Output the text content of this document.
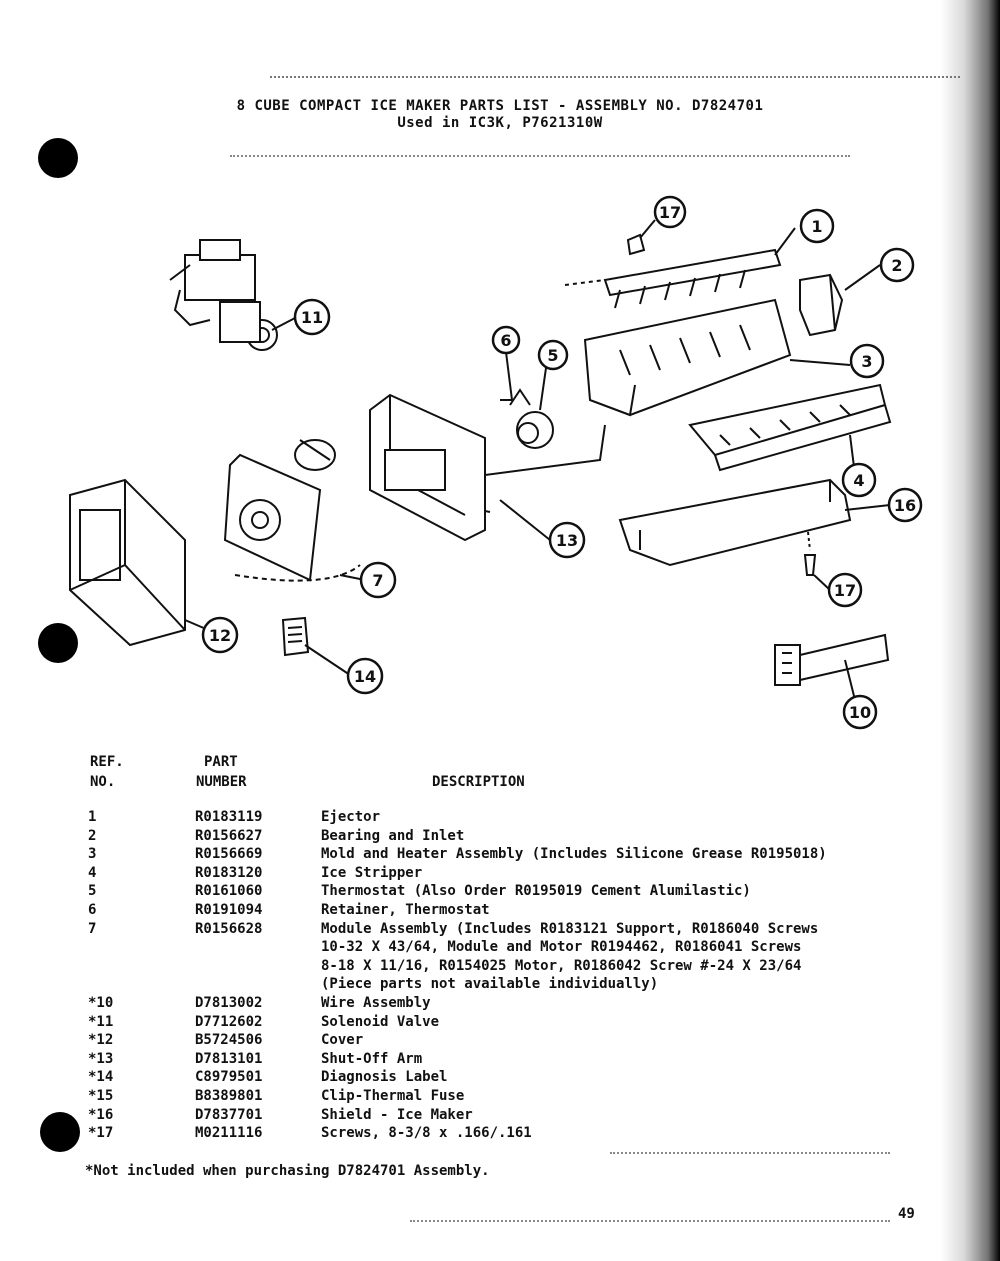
8 CUBE COMPACT ICE MAKER PARTS LIST - ASSEMBLY NO. D7824701
Used in IC3K, P7621310W
17
1
2
3
4
16
17
10
6
5
11
13
7
12
14
REF.
NO.
PART
NUMBER	DESCRIPTION
1	R0183119	Ejector
2	R0156627	Bearing and Inlet
3	R0156669	Mold and Heater Assembly (Includes Silicone Grease R0195018)
4	R0183120	Ice Stripper
5	R0161060	Thermostat (Also Order R0195019 Cement Alumilastic)
6	R0191094	Retainer, Thermostat
7	R0156628	Module Assembly (Includes R0183121 Support, R0186040 Screws
10-32 X 43/64, Module and Motor R0194462, R0186041 Screws
8-18 X 11/16, R0154025 Motor, R0186042 Screw #-24 X 23/64
(Piece parts not available individually)
*10	D7813002	Wire Assembly
*11	D7712602	Solenoid Valve
*12	B5724506	Cover
*13	D7813101	Shut-Off Arm
*14	C8979501	Diagnosis Label
*15	B8389801	Clip-Thermal Fuse
*16	D7837701	Shield - Ice Maker
*17	M0211116	Screws, 8-3/8 x .166/.161
*Not included when purchasing D7824701 Assembly.
49
